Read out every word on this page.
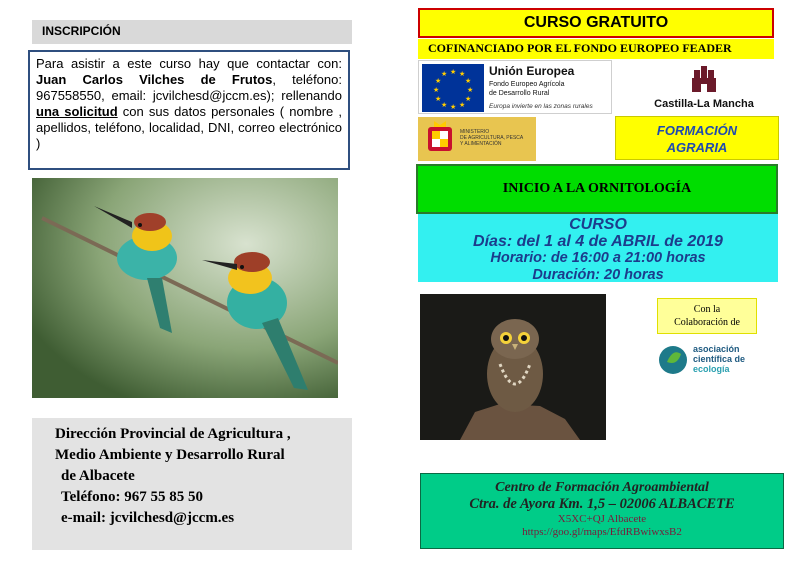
INSCRIPCIÓN
Para asistir a este curso hay que contactar con: Juan Carlos Vilches de Frutos, teléfono: 967558550, email: jcvilchesd@jccm.es); rellenando una solicitud con sus datos personales ( nombre , apellidos, teléfono, localidad, DNI, correo electrónico )
Dirección Provincial de Agricultura ,
Medio Ambiente y Desarrollo Rural
de Albacete
Teléfono: 967 55 85 50
e-mail: jcvilchesd@jccm.es
CURSO GRATUITO
COFINANCIADO POR EL FONDO EUROPEO FEADER
★ ★
★
★
★
★
★
★
★
★
★
★	Unión Europea
Fondo Europeo Agrícola
de Desarrollo Rural
Europa invierte en las zonas rurales	Castilla-La Mancha
MINISTERIO
DE AGRICULTURA, PESCA
Y ALIMENTACIÓN
FORMACIÓN
AGRARIA
INICIO A LA ORNITOLOGÍA
CURSO
Días: del 1 al 4 de ABRIL de 2019
Horario: de 16:00 a 21:00 horas
Duración: 20 horas
Con la
Colaboración de
asociación
científica de
ecología
Centro de Formación Agroambiental
Ctra. de Ayora Km. 1,5 – 02006 ALBACETE
X5XC+QJ Albacete
https://goo.gl/maps/EfdRBwiwxsB2
